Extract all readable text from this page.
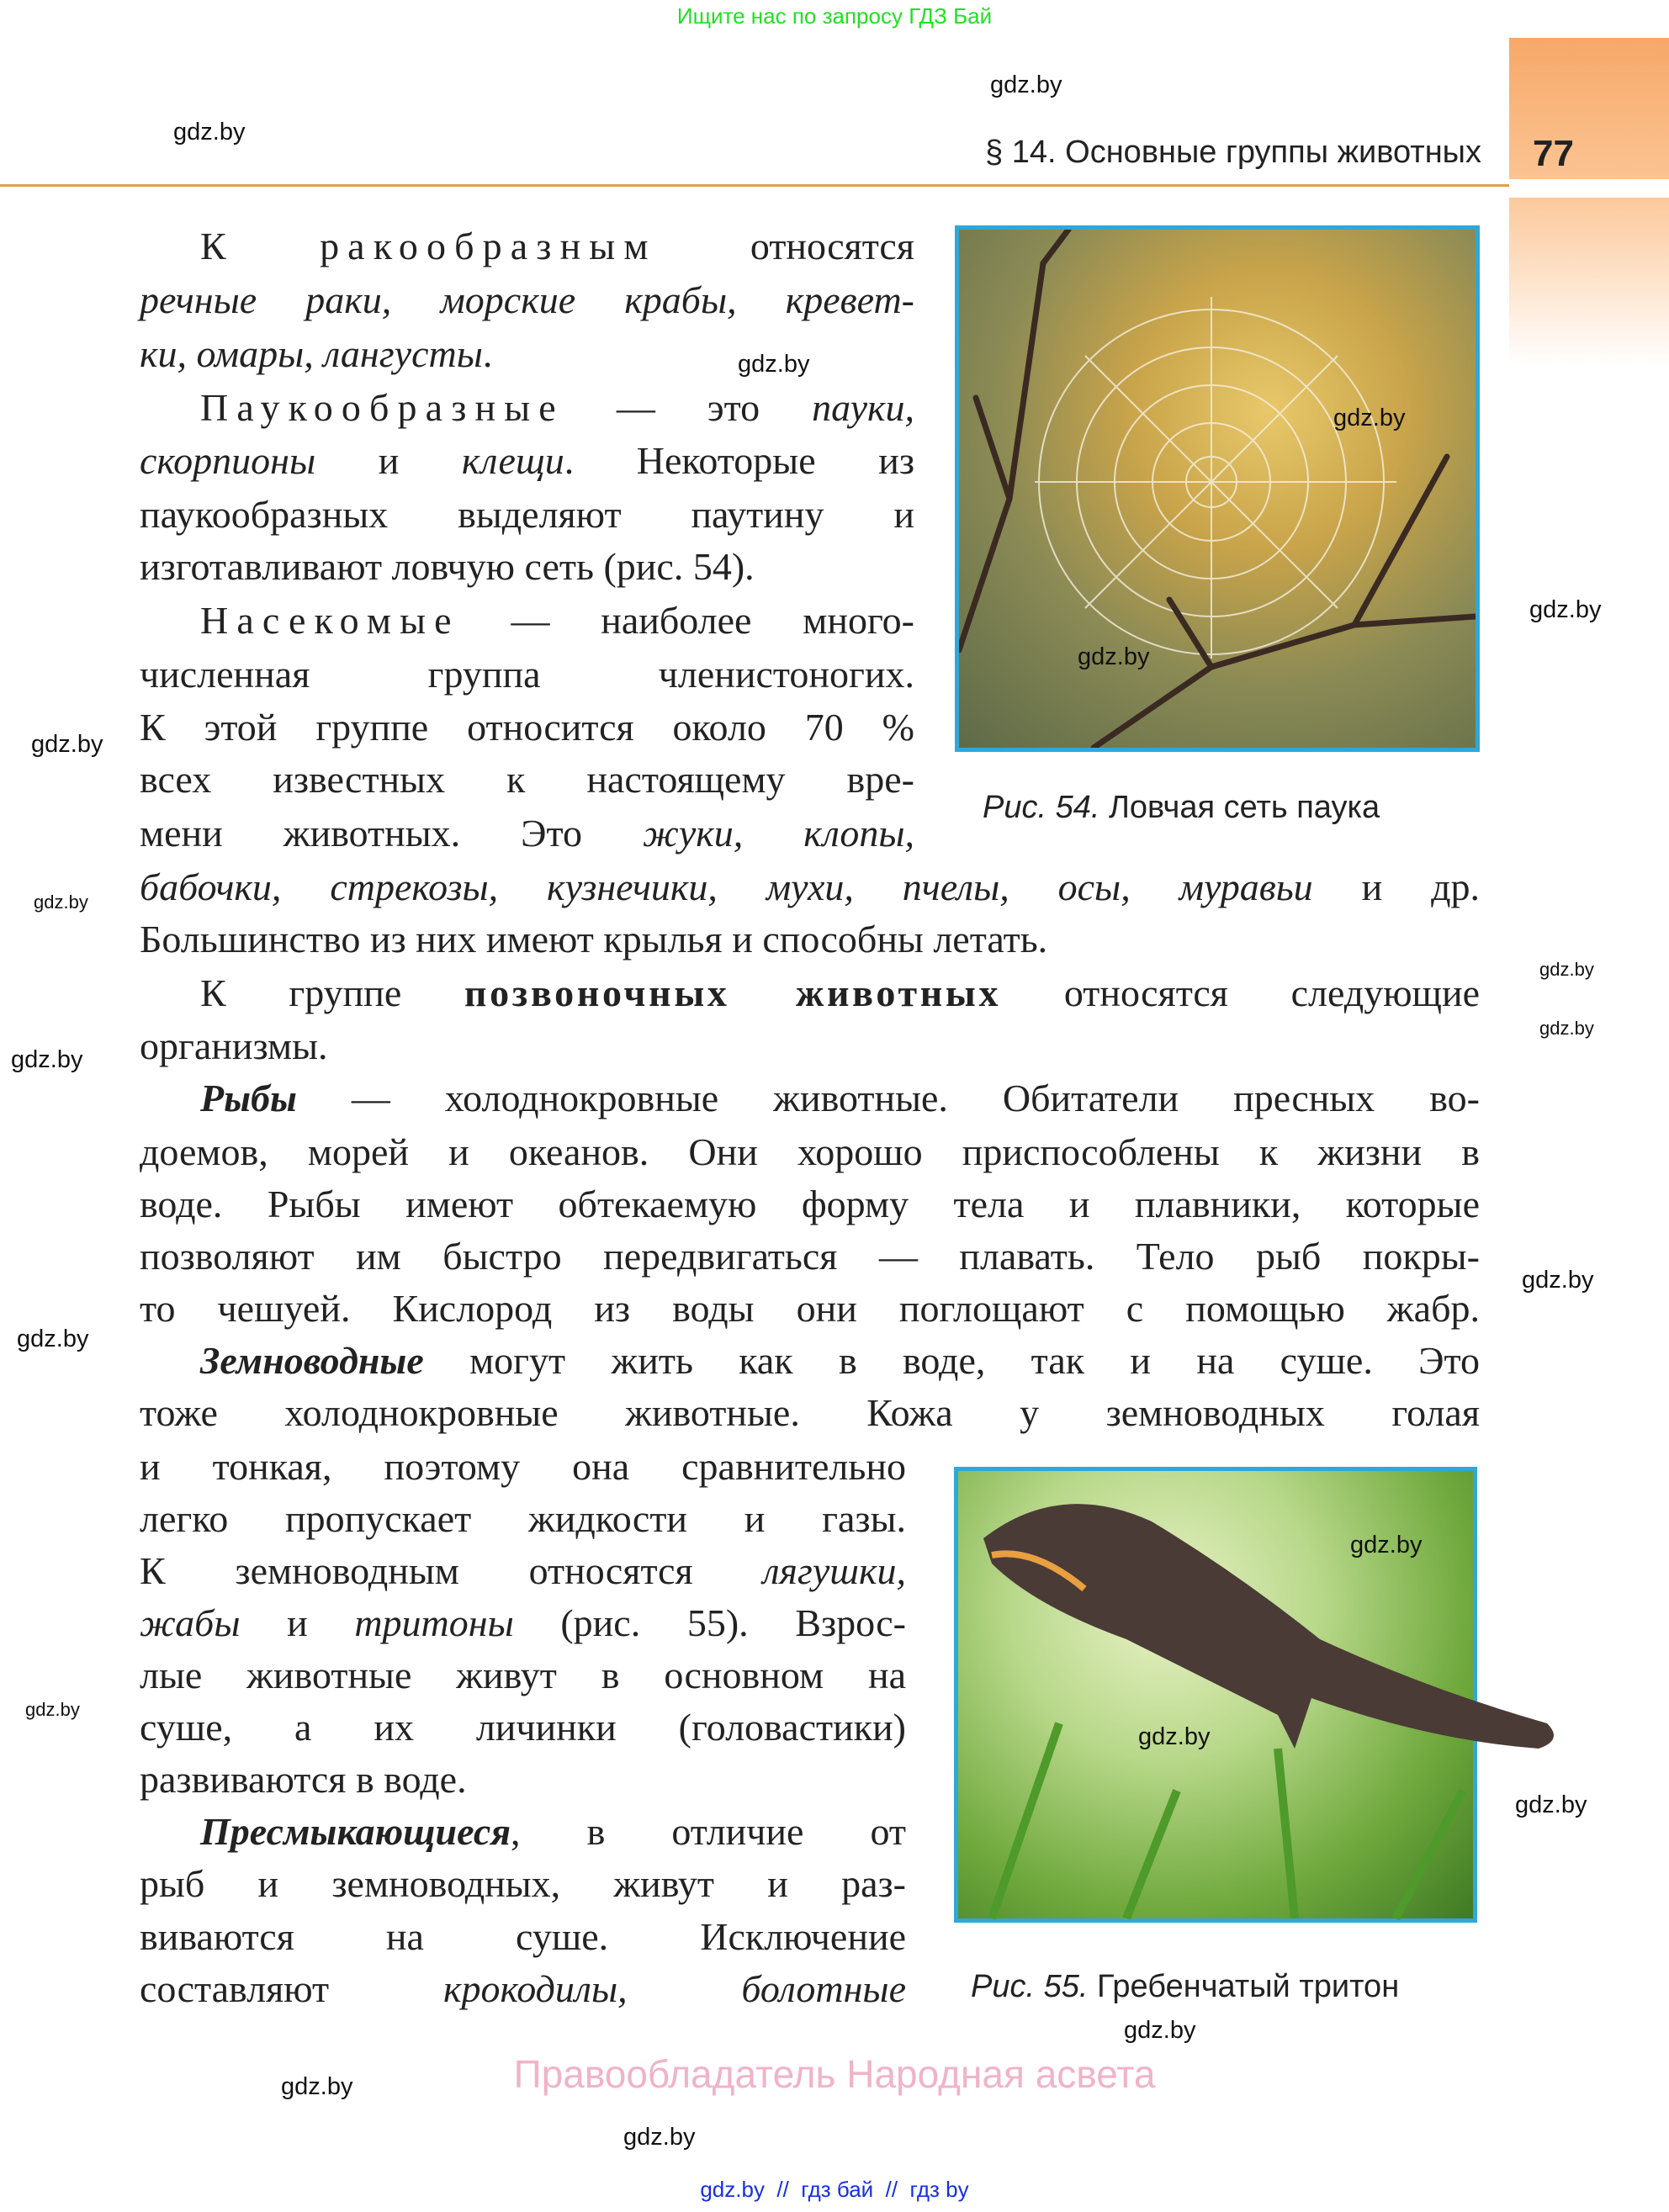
Ищите нас по запросу ГДЗ Бай
§ 14. Основные группы животных 77
К ракообразным относятся
речные раки, морские крабы, кревет-
ки, омары, лангусты.
Паукообразные — это пауки,
скорпионы и клещи. Некоторые из
паукообразных выделяют паутину и
изготавливают ловчую сеть (рис. 54).
Насекомые — наиболее много-
численная группа членистоногих.
К этой группе относится около 70 %
всех известных к настоящему вре-
мени животных. Это жуки, клопы,
бабочки, стрекозы, кузнечики, мухи, пчелы, осы, муравьи и др.
Большинство из них имеют крылья и способны летать.
К группе позвоночных животных относятся следующие
организмы.
Рыбы — холоднокровные животные. Обитатели пресных во-
доемов, морей и океанов. Они хорошо приспособлены к жизни в
воде. Рыбы имеют обтекаемую форму тела и плавники, которые
позволяют им быстро передвигаться — плавать. Тело рыб покры-
то чешуей. Кислород из воды они поглощают с помощью жабр.
Земноводные могут жить как в воде, так и на суше. Это
тоже холоднокровные животные. Кожа у земноводных голая
и тонкая, поэтому она сравнительно
легко пропускает жидкости и газы.
К земноводным относятся лягушки,
жабы и тритоны (рис. 55). Взрос-
лые животные живут в основном на
суше, а их личинки (головастики)
развиваются в воде.
Пресмыкающиеся, в отличие от
рыб и земноводных, живут и раз-
виваются на суше. Исключение
составляют крокодилы, болотные
Рис. 54. Ловчая сеть паука
Рис. 55. Гребенчатый тритон
gdz.by
gdz.by
gdz.by
gdz.by
gdz.by
gdz.by
gdz.by
gdz.by
gdz.by
gdz.by
gdz.by
gdz.by
gdz.by
gdz.by
gdz.by
gdz.by
gdz.by
gdz.by
gdz.by
gdz.by
Правообладатель Народная асвета
gdz.by  //  гдз бай  //  гдз by
